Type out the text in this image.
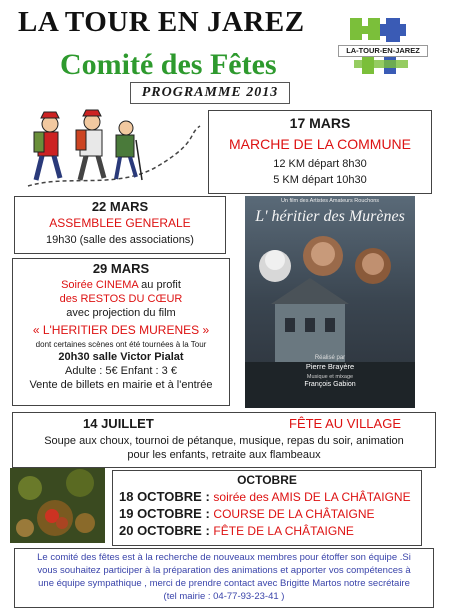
LA TOUR EN JAREZ
Comité des Fêtes
PROGRAMME 2013
LA-TOUR-EN-JAREZ
17 MARS
MARCHE DE LA COMMUNE
12 KM départ 8h30
5 KM départ 10h30
22 MARS
ASSEMBLEE GENERALE
19h30 (salle des associations)
29 MARS
Soirée CINEMA au profit
des RESTOS DU CŒUR
avec projection du film
« L'HERITIER DES MURENES »
dont certaines scènes ont été tournées à la Tour
20h30 salle Victor Pialat
Adulte : 5€ Enfant : 3 €
Vente de billets en mairie et à l'entrée
Un film des Artistes Amateurs Rouchons
L' héritier des Murènes
Réalisé par
Pierre Brayère
Musique et mixage
François Gabion
14 JUILLET	FÊTE AU VILLAGE
Soupe aux choux, tournoi de pétanque, musique, repas du soir, animation
pour les enfants, retraite aux flambeaux
OCTOBRE
18 OCTOBRE : soirée des AMIS DE LA CHÂTAIGNE
19 OCTOBRE : COURSE DE LA CHÂTAIGNE
20 OCTOBRE : FÊTE DE LA CHÂTAIGNE
Le comité des fêtes est à la recherche de nouveaux membres pour étoffer son équipe .Si
vous souhaitez participer à la préparation des animations et apporter vos compétences à
une équipe sympathique , merci de prendre contact avec Brigitte Martos notre secrétaire
(tel mairie : 04-77-93-23-41 )
